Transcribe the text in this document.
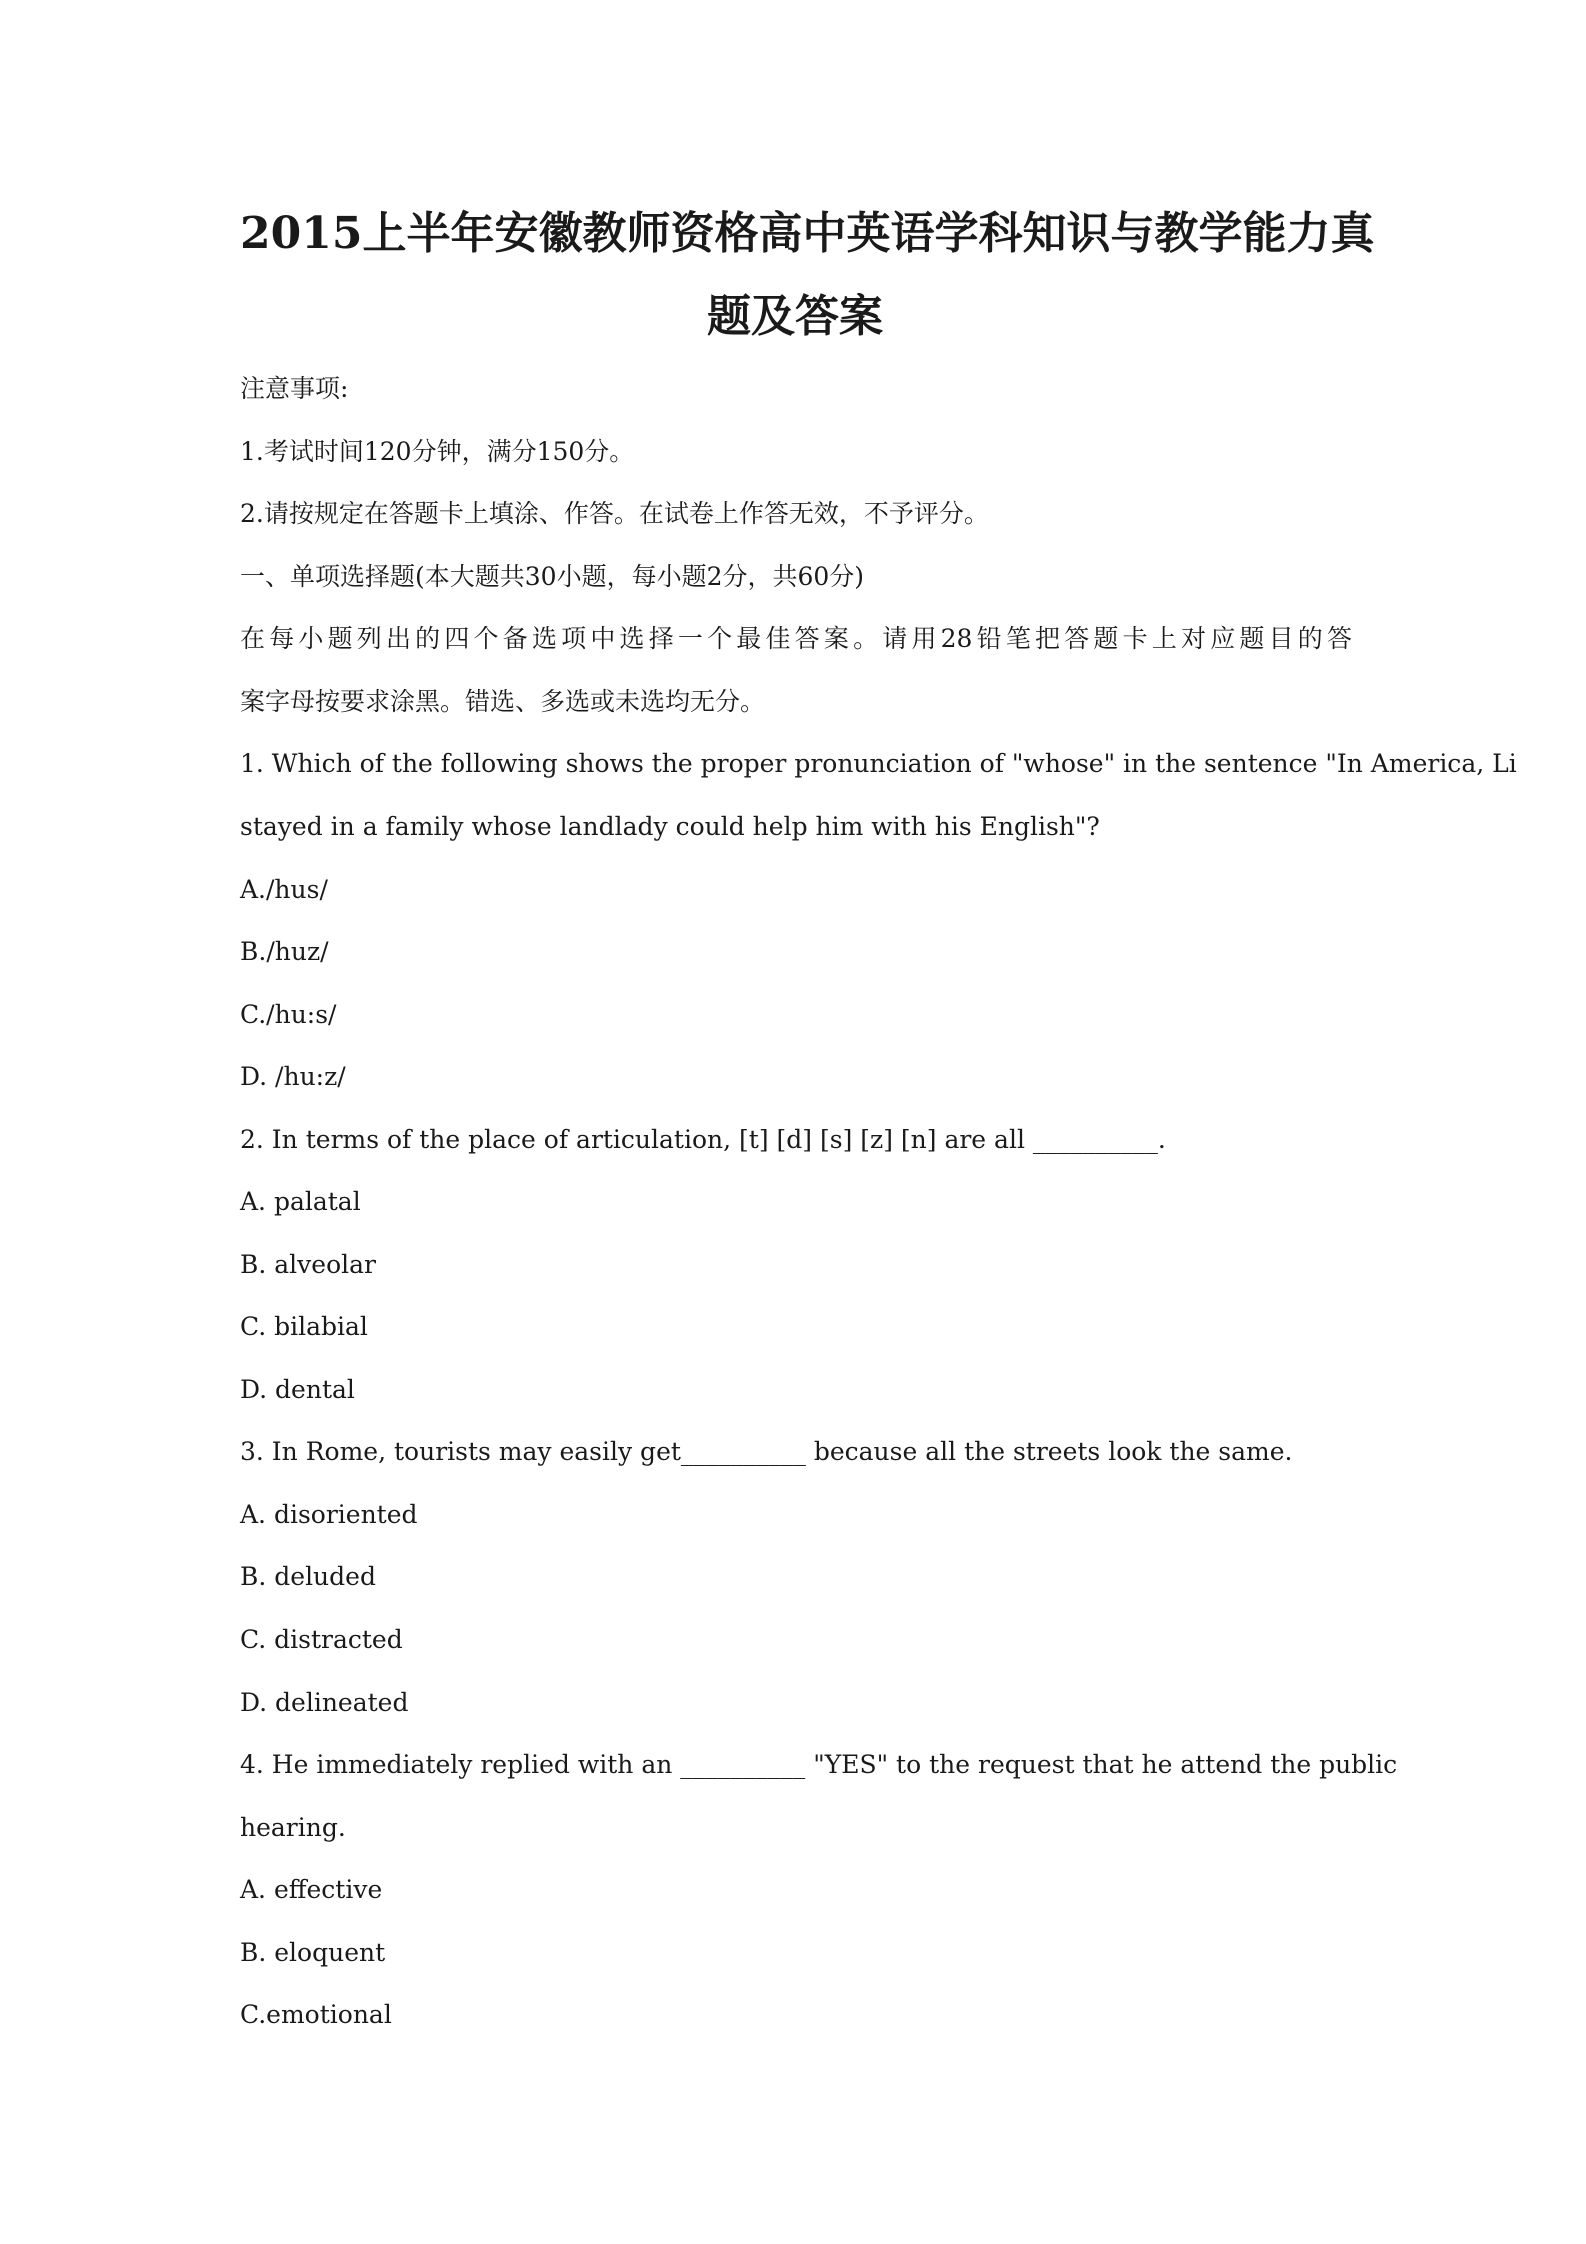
2015上半年安徽教师资格高中英语学科知识与教学能力真
题及答案
注意事项:
1.考试时间120分钟，满分150分。
2.请按规定在答题卡上填涂、作答。在试卷上作答无效，不予评分。
一、单项选择题(本大题共30小题，每小题2分，共60分)
在每小题列出的四个备选项中选择一个最佳答案。请用28铅笔把答题卡上对应题目的答
案字母按要求涂黑。错选、多选或未选均无分。
1. Which of the following shows the proper pronunciation of "whose" in the sentence "In America, Li
stayed in a family whose landlady could help him with his English"?
A./hus/
B./huz/
C./hu:s/
D. /hu:z/
2. In terms of the place of articulation, [t] [d] [s] [z] [n] are all __________.
A. palatal
B. alveolar
C. bilabial
D. dental
3. In Rome, tourists may easily get__________ because all the streets look the same.
A. disoriented
B. deluded
C. distracted
D. delineated
4. He immediately replied with an __________ "YES" to the request that he attend the public
hearing.
A. effective
B. eloquent
C.emotional
